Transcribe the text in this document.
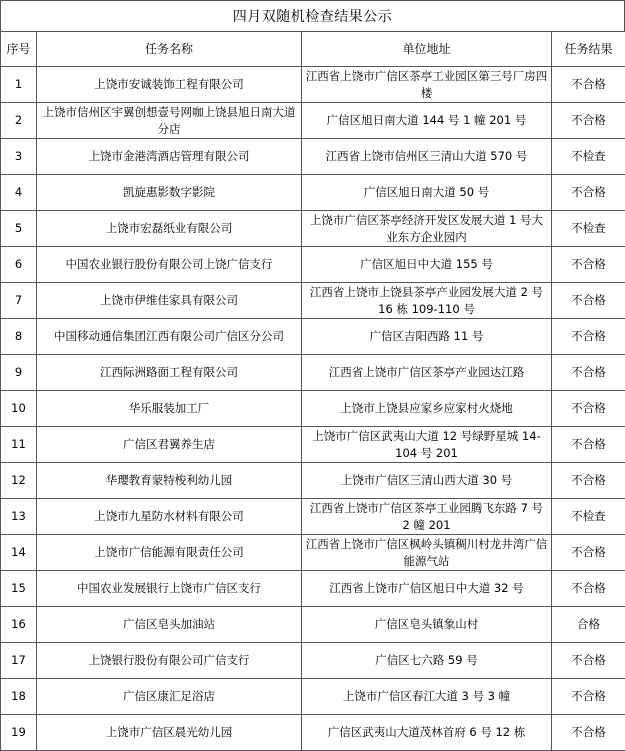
四月双随机检查结果公示
序号	任务名称	单位地址	任务结果
1	上饶市安诚装饰工程有限公司	江西省上饶市广信区茶亭工业园区第三号厂房四楼	不合格
2	上饶市信州区宇翼创想壹号网咖上饶县旭日南大道分店	广信区旭日南大道 144 号 1 幢 201 号	不合格
3	上饶市金港湾酒店管理有限公司	江西省上饶市信州区三清山大道 570 号	不检查
4	凯旋惠影数字影院	广信区旭日南大道 50 号	不合格
5	上饶市宏磊纸业有限公司	上饶市广信区茶亭经济开发区发展大道 1 号大业东方企业园内	不检查
6	中国农业银行股份有限公司上饶广信支行	广信区旭日中大道 155 号	不合格
7	上饶市伊维佳家具有限公司	江西省上饶市上饶县茶亭产业园发展大道 2 号 16 栋 109-110 号	不合格
8	中国移动通信集团江西有限公司广信区分公司	广信区吉阳西路 11 号	不合格
9	江西际洲路面工程有限公司	江西省上饶市广信区茶亭产业园达江路	不合格
10	华乐服装加工厂	上饶市上饶县应家乡应家村火烧地	不合格
11	广信区君翼养生店	上饶市广信区武夷山大道 12 号绿野星城 14-104 号 201	不合格
12	华瓔教育蒙特梭利幼儿园	上饶市广信区三清山西大道 30 号	不合格
13	上饶市九星防水材料有限公司	江西省上饶市广信区茶亭工业园腾飞东路 7 号 2 幢 201	不检查
14	上饶市广信能源有限责任公司	江西省上饶市广信区枫岭头镇稠川村龙井湾广信能源气站	不合格
15	中国农业发展银行上饶市广信区支行	江西省上饶市广信区旭日中大道 32 号	不合格
16	广信区皂头加油站	广信区皂头镇象山村	合格
17	上饶银行股份有限公司广信支行	广信区七六路 59 号	不合格
18	广信区康汇足浴店	上饶市广信区春江大道 3 号 3 幢	不合格
19	上饶市广信区晨光幼儿园	广信区武夷山大道茂林首府 6 号 12 栋	不合格
